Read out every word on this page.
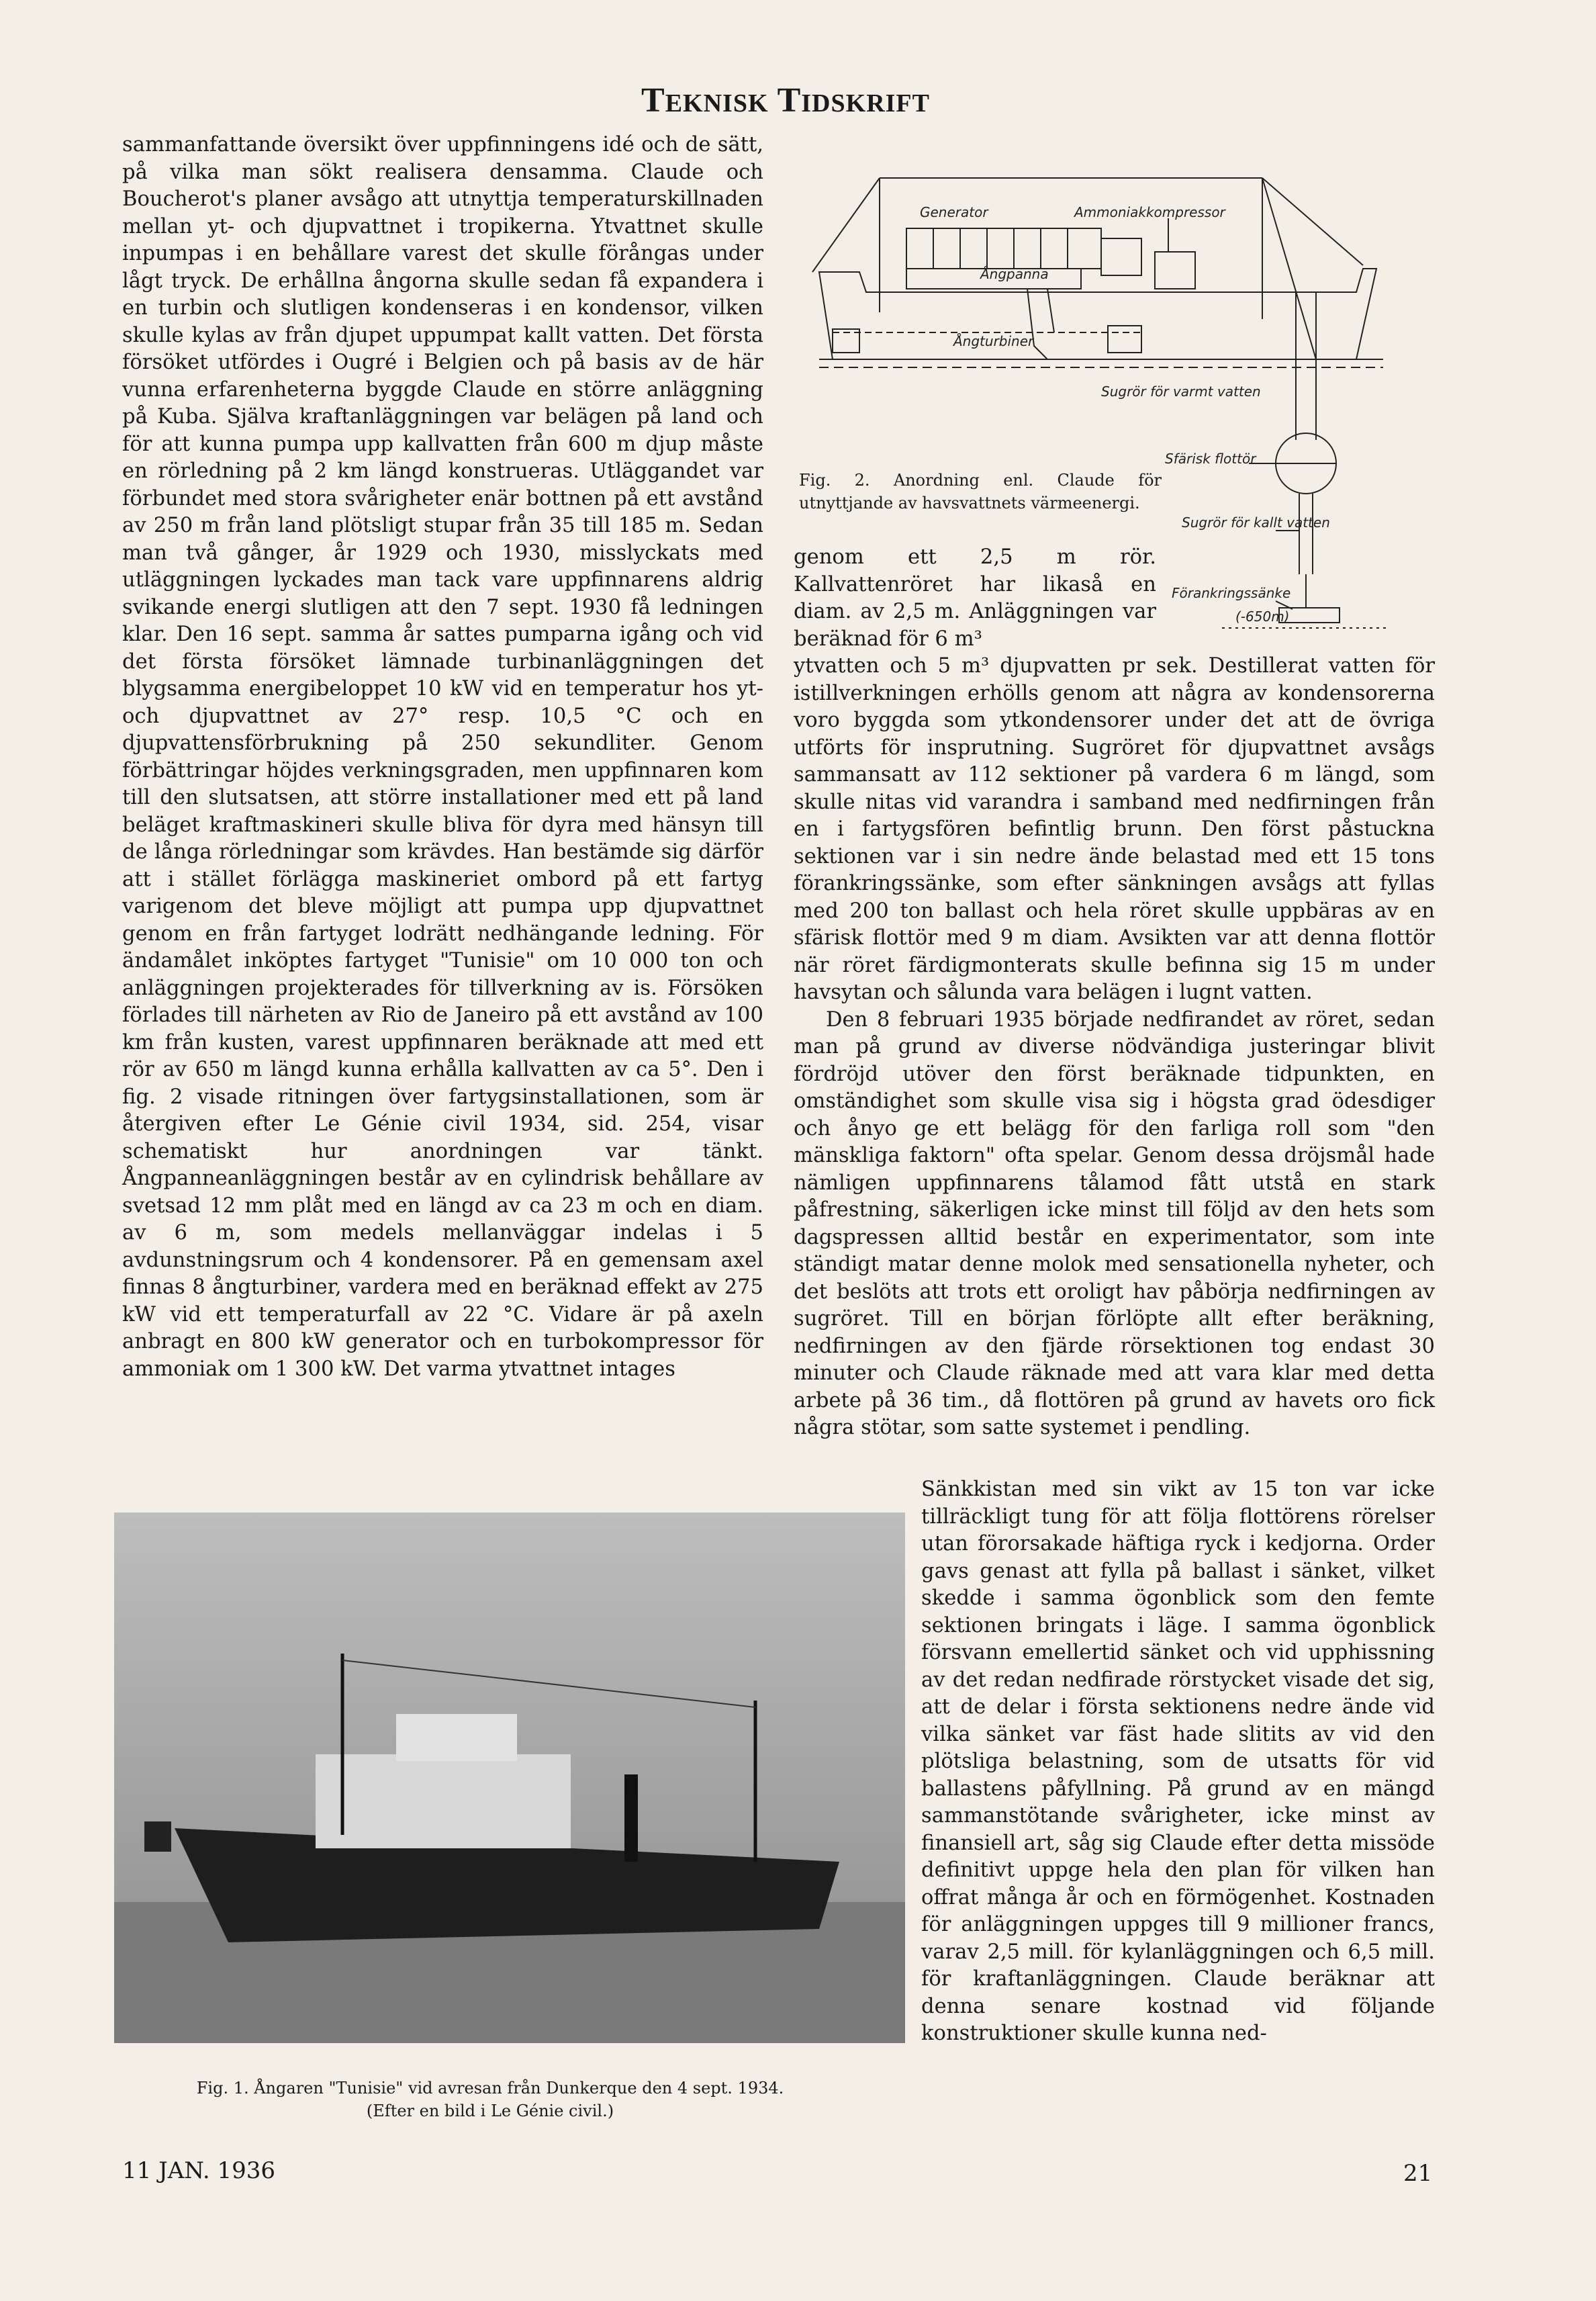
TEKNISK TIDSKRIFT

sammanfattande översikt över uppfinningens idé och de sätt, på vilka man sökt realisera densamma. Claude och Boucherot's planer avsågo att utnyttja temperaturskillnaden mellan yt- och djupvattnet i tropikerna. Ytvattnet skulle inpumpas i en behållare varest det skulle förångas under lågt tryck. De erhållna ångorna skulle sedan få expandera i en turbin och slutligen kondenseras i en kondensor, vilken skulle kylas av från djupet uppumpat kallt vatten. Det första försöket utfördes i Ougré i Belgien och på basis av de här vunna erfarenheterna byggde Claude en större anläggning på Kuba. Själva kraftanläggningen var belägen på land och för att kunna pumpa upp kallvatten från 600 m djup måste en rörledning på 2 km längd konstrueras. Utläggandet var förbundet med stora svårigheter enär bottnen på ett avstånd av 250 m från land plötsligt stupar från 35 till 185 m. Sedan man två gånger, år 1929 och 1930, misslyckats med utläggningen lyckades man tack vare uppfinnarens aldrig svikande energi slutligen att den 7 sept. 1930 få ledningen klar. Den 16 sept. samma år sattes pumparna igång och vid det första försöket lämnade turbinanläggningen det blygsamma energibeloppet 10 kW vid en temperatur hos yt- och djupvattnet av 27° resp. 10,5 °C och en djupvattensförbrukning på 250 sekundliter. Genom förbättringar höjdes verkningsgraden, men uppfinnaren kom till den slutsatsen, att större installationer med ett på land beläget kraftmaskineri skulle bliva för dyra med hänsyn till de långa rörledningar som krävdes. Han bestämde sig därför att i stället förlägga maskineriet ombord på ett fartyg varigenom det bleve möjligt att pumpa upp djupvattnet genom en från fartyget lodrätt nedhängande ledning. För ändamålet inköptes fartyget "Tunisie" om 10 000 ton och anläggningen projekterades för tillverkning av is. Försöken förlades till närheten av Rio de Janeiro på ett avstånd av 100 km från kusten, varest uppfinnaren beräknade att med ett rör av 650 m längd kunna erhålla kallvatten av ca 5°. Den i fig. 2 visade ritningen över fartygsinstallationen, som är återgiven efter Le Génie civil 1934, sid. 254, visar schematiskt hur anordningen var tänkt. Ångpanneanläggningen består av en cylindrisk behållare av svetsad 12 mm plåt med en längd av ca 23 m och en diam. av 6 m, som medels mellanväggar indelas i 5 avdunstningsrum och 4 kondensorer. På en gemensam axel finnas 8 ångturbiner, vardera med en beräknad effekt av 275 kW vid ett temperaturfall av 22 °C. Vidare är på axeln anbragt en 800 kW generator och en turbokompressor för ammoniak om 1 300 kW. Det varma ytvattnet intages

Generator	Ammoniakkompressor
Ångpanna
Ångturbiner
Sugrör för varmt vatten
Sfärisk flottör
Sugrör för kallt vatten
Förankringssänke
(-650m)
Fig. 2. Anordning enl. Claude för utnyttjande av havsvattnets värmeenergi.

genom ett 2,5 m rör. Kallvattenröret har likaså en diam. av 2,5 m. Anläggningen var beräknad för 6 m³

ytvatten och 5 m³ djupvatten pr sek. Destillerat vatten för istillverkningen erhölls genom att några av kondensorerna voro byggda som ytkondensorer under det att de övriga utförts för insprutning. Sugröret för djupvattnet avsågs sammansatt av 112 sektioner på vardera 6 m längd, som skulle nitas vid varandra i samband med nedfirningen från en i fartygsfören befintlig brunn. Den först påstuckna sektionen var i sin nedre ände belastad med ett 15 tons förankringssänke, som efter sänkningen avsågs att fyllas med 200 ton ballast och hela röret skulle uppbäras av en sfärisk flottör med 9 m diam. Avsikten var att denna flottör när röret färdigmonterats skulle befinna sig 15 m under havsytan och sålunda vara belägen i lugnt vatten.

Den 8 februari 1935 började nedfirandet av röret, sedan man på grund av diverse nödvändiga justeringar blivit fördröjd utöver den först beräknade tidpunkten, en omständighet som skulle visa sig i högsta grad ödesdiger och ånyo ge ett belägg för den farliga roll som "den mänskliga faktorn" ofta spelar. Genom dessa dröjsmål hade nämligen uppfinnarens tålamod fått utstå en stark påfrestning, säkerligen icke minst till följd av den hets som dagspressen alltid består en experimentator, som inte ständigt matar denne molok med sensationella nyheter, och det beslöts att trots ett oroligt hav påbörja nedfirningen av sugröret. Till en början förlöpte allt efter beräkning, nedfirningen av den fjärde rörsektionen tog endast 30 minuter och Claude räknade med att vara klar med detta arbete på 36 tim., då flottören på grund av havets oro fick några stötar, som satte systemet i pendling.

Fig. 1. Ångaren "Tunisie" vid avresan från Dunkerque den 4 sept. 1934.
(Efter en bild i Le Génie civil.)

Sänkkistan med sin vikt av 15 ton var icke tillräckligt tung för att följa flottörens rörelser utan förorsakade häftiga ryck i kedjorna. Order gavs genast att fylla på ballast i sänket, vilket skedde i samma ögonblick som den femte sektionen bringats i läge. I samma ögonblick försvann emellertid sänket och vid upphissning av det redan nedfirade rörstycket visade det sig, att de delar i första sektionens nedre ände vid vilka sänket var fäst hade slitits av vid den plötsliga belastning, som de utsatts för vid ballastens påfyllning. På grund av en mängd sammanstötande svårigheter, icke minst av finansiell art, såg sig Claude efter detta missöde definitivt uppge hela den plan för vilken han offrat många år och en förmögenhet. Kostnaden för anläggningen uppges till 9 millioner francs, varav 2,5 mill. för kylanläggningen och 6,5 mill. för kraftanläggningen. Claude beräknar att denna senare kostnad vid följande konstruktioner skulle kunna ned-

11 JAN. 1936	21
